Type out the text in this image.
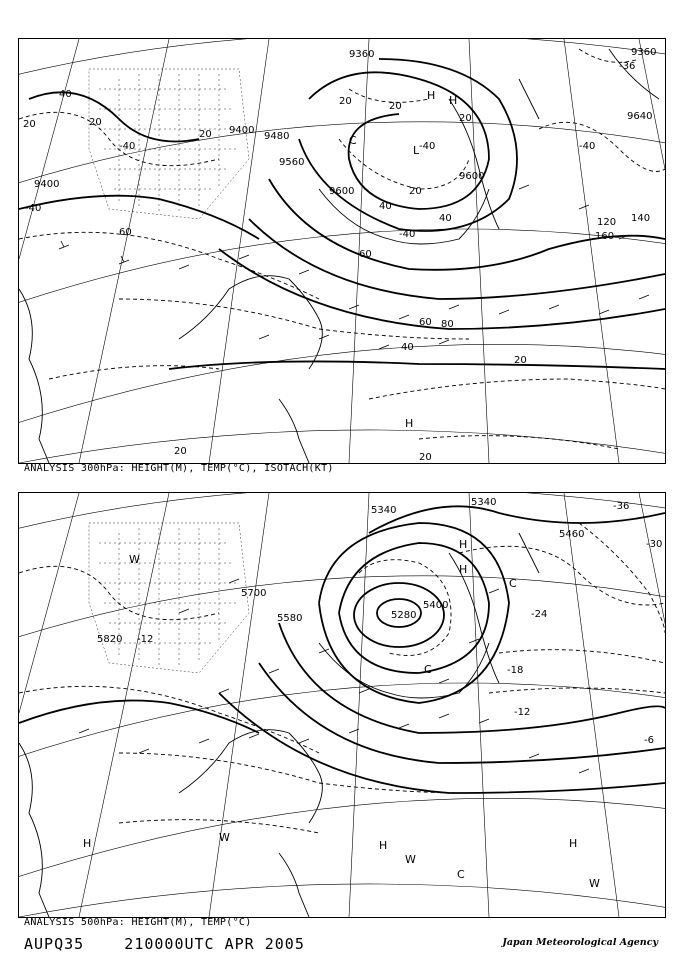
9400
9360
9400
9560
9600
9600
9640
9480
9360
-40
-40
-40
-40
-40
-36
40
20	20
20
60
60
40
20
20
20
20
80
60
40
20
20
20
40	120 140
160
H
H
C
H
L
ANALYSIS 300hPa: HEIGHT(M), TEMP(°C), ISOTACH(KT)
5340
5340
5700
5820
5580	5280
5400
5460
-12
-36
-30
-24
-18
-12
-6
H
H
W
H
W
C
C
H
W
W
C
H
ANALYSIS 500hPa: HEIGHT(M), TEMP(°C)
AUPQ35    210000UTC APR 2005	Japan Meteorological Agency
